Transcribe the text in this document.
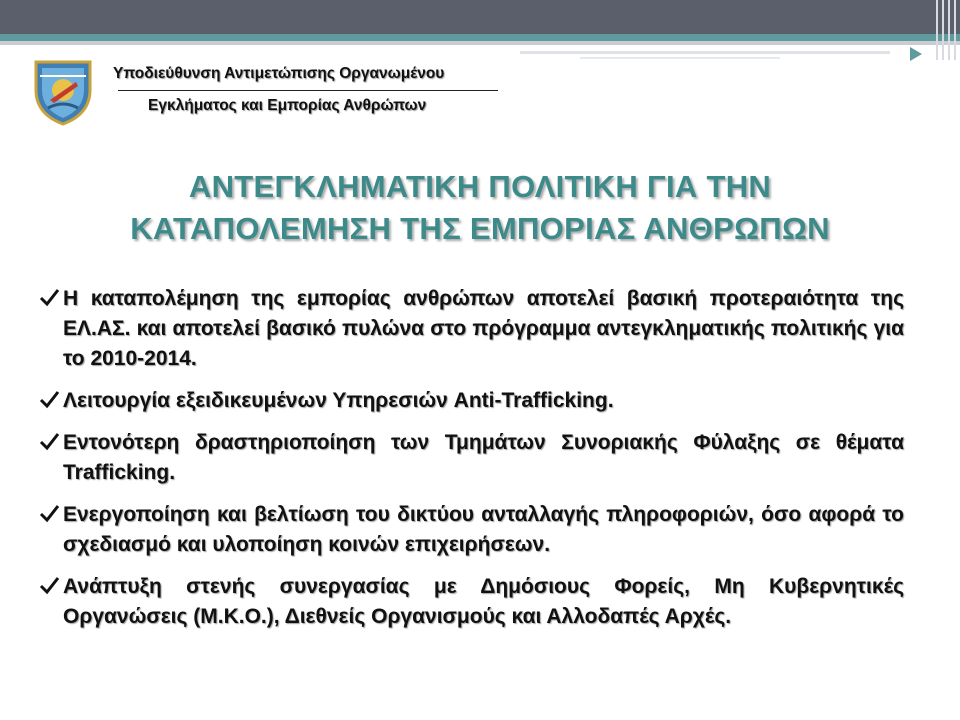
Υποδιεύθυνση Αντιμετώπισης Οργανωμένου
Εγκλήματος και Εμπορίας Ανθρώπων
ΑΝΤΕΓΚΛΗΜΑΤΙΚΗ ΠΟΛΙΤΙΚΗ ΓΙΑ ΤΗΝ
ΚΑΤΑΠΟΛΕΜΗΣΗ ΤΗΣ ΕΜΠΟΡΙΑΣ ΑΝΘΡΩΠΩΝ
Η καταπολέμηση της εμπορίας ανθρώπων αποτελεί βασική προτεραιότητα της ΕΛ.ΑΣ. και αποτελεί βασικό πυλώνα στο πρόγραμμα αντεγκληματικής πολιτικής για το 2010-2014.
Λειτουργία εξειδικευμένων Υπηρεσιών Anti-Trafficking.
Εντονότερη δραστηριοποίηση των Τμημάτων Συνοριακής Φύλαξης σε θέματα Trafficking.
Ενεργοποίηση και βελτίωση του δικτύου ανταλλαγής πληροφοριών, όσο αφορά το σχεδιασμό και υλοποίηση κοινών επιχειρήσεων.
Ανάπτυξη στενής συνεργασίας με Δημόσιους Φορείς, Μη Κυβερνητικές Οργανώσεις (Μ.Κ.Ο.), Διεθνείς Οργανισμούς και Αλλοδαπές Αρχές.
